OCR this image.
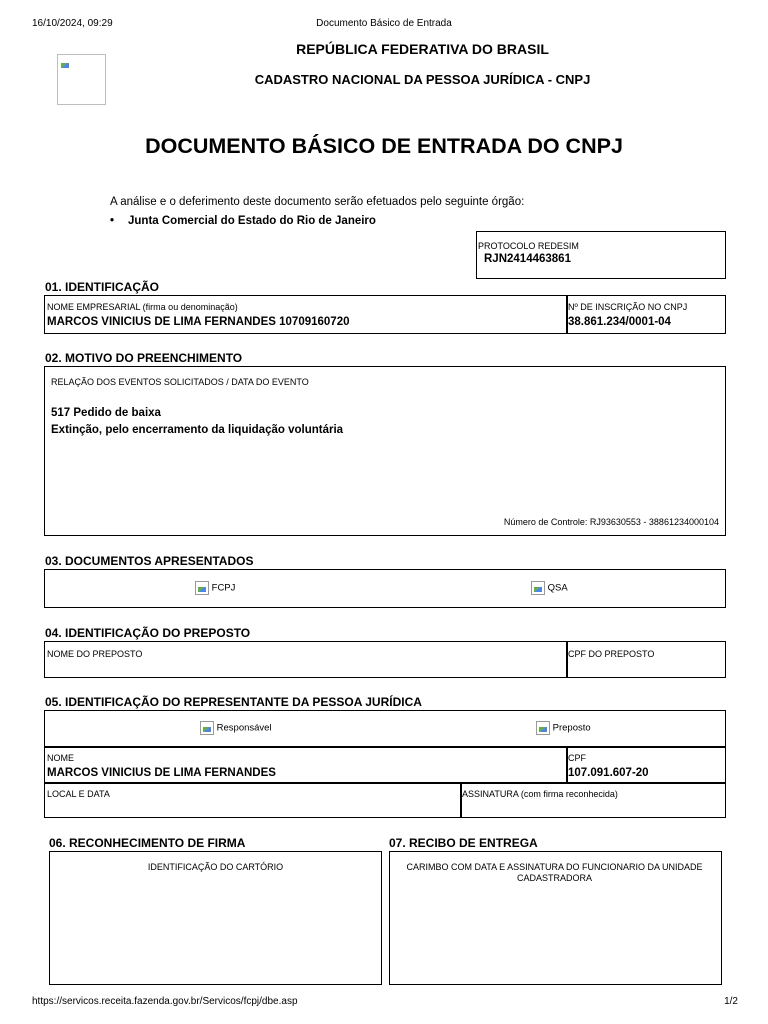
16/10/2024, 09:29	Documento Básico de Entrada
REPÚBLICA FEDERATIVA DO BRASIL
CADASTRO NACIONAL DA PESSOA JURÍDICA - CNPJ
DOCUMENTO BÁSICO DE ENTRADA DO CNPJ
A análise e o deferimento deste documento serão efetuados pelo seguinte órgão:
• Junta Comercial do Estado do Rio de Janeiro
PROTOCOLO REDESIM
RJN2414463861
01. IDENTIFICAÇÃO
NOME EMPRESARIAL (firma ou denominação)
MARCOS VINICIUS DE LIMA FERNANDES 10709160720
Nº DE INSCRIÇÃO NO CNPJ
38.861.234/0001-04
02. MOTIVO DO PREENCHIMENTO
RELAÇÃO DOS EVENTOS SOLICITADOS / DATA DO EVENTO
517 Pedido de baixa
Extinção, pelo encerramento da liquidação voluntária
Número de Controle: RJ93630553 - 38861234000104
03. DOCUMENTOS APRESENTADOS
FCPJ	QSA
04. IDENTIFICAÇÃO DO PREPOSTO
NOME DO PREPOSTO	CPF DO PREPOSTO
05. IDENTIFICAÇÃO DO REPRESENTANTE DA PESSOA JURÍDICA
Responsável	Preposto
NOME
MARCOS VINICIUS DE LIMA FERNANDES
CPF
107.091.607-20
LOCAL E DATA	ASSINATURA (com firma reconhecida)
06. RECONHECIMENTO DE FIRMA
IDENTIFICAÇÃO DO CARTÓRIO
07. RECIBO DE ENTREGA
CARIMBO COM DATA E ASSINATURA DO FUNCIONARIO DA UNIDADE CADASTRADORA
https://servicos.receita.fazenda.gov.br/Servicos/fcpj/dbe.asp	1/2
